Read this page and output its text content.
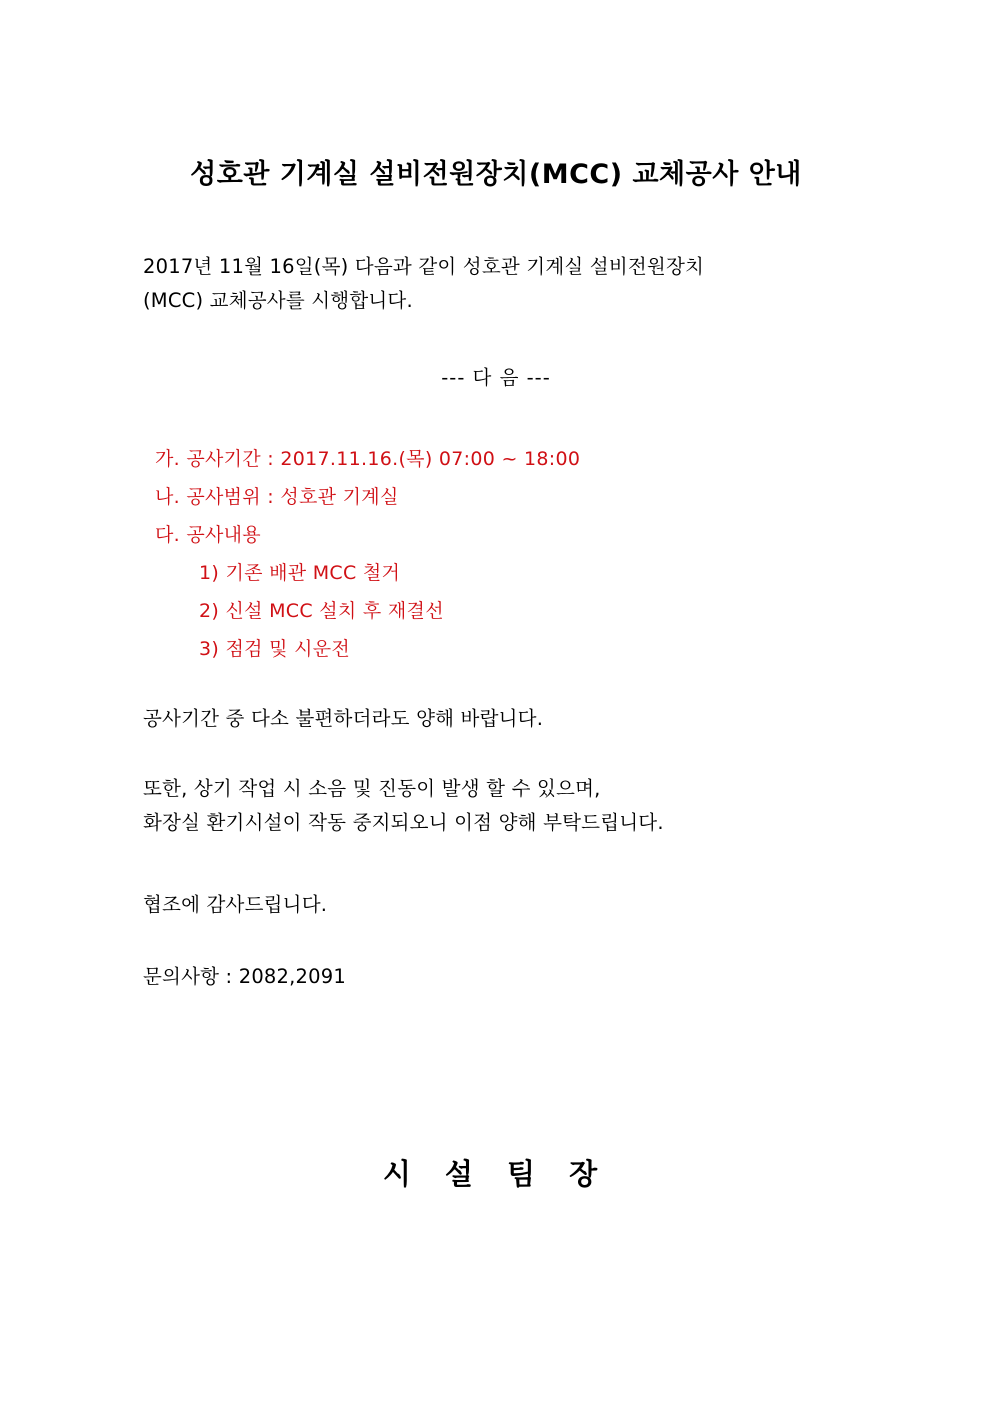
성호관 기계실 설비전원장치(MCC) 교체공사 안내
2017년 11월 16일(목) 다음과 같이 성호관 기계실 설비전원장치
(MCC) 교체공사를 시행합니다.
--- 다 음 ---
가. 공사기간 : 2017.11.16.(목) 07:00 ~ 18:00
나. 공사범위 : 성호관 기계실
다. 공사내용
1) 기존 배관 MCC 철거
2) 신설 MCC 설치 후 재결선
3) 점검 및 시운전
공사기간 중 다소 불편하더라도 양해 바랍니다.
또한, 상기 작업 시 소음 및 진동이 발생 할 수 있으며,
화장실 환기시설이 작동 중지되오니 이점 양해 부탁드립니다.
협조에 감사드립니다.
문의사항 : 2082,2091
시 설 팀 장
